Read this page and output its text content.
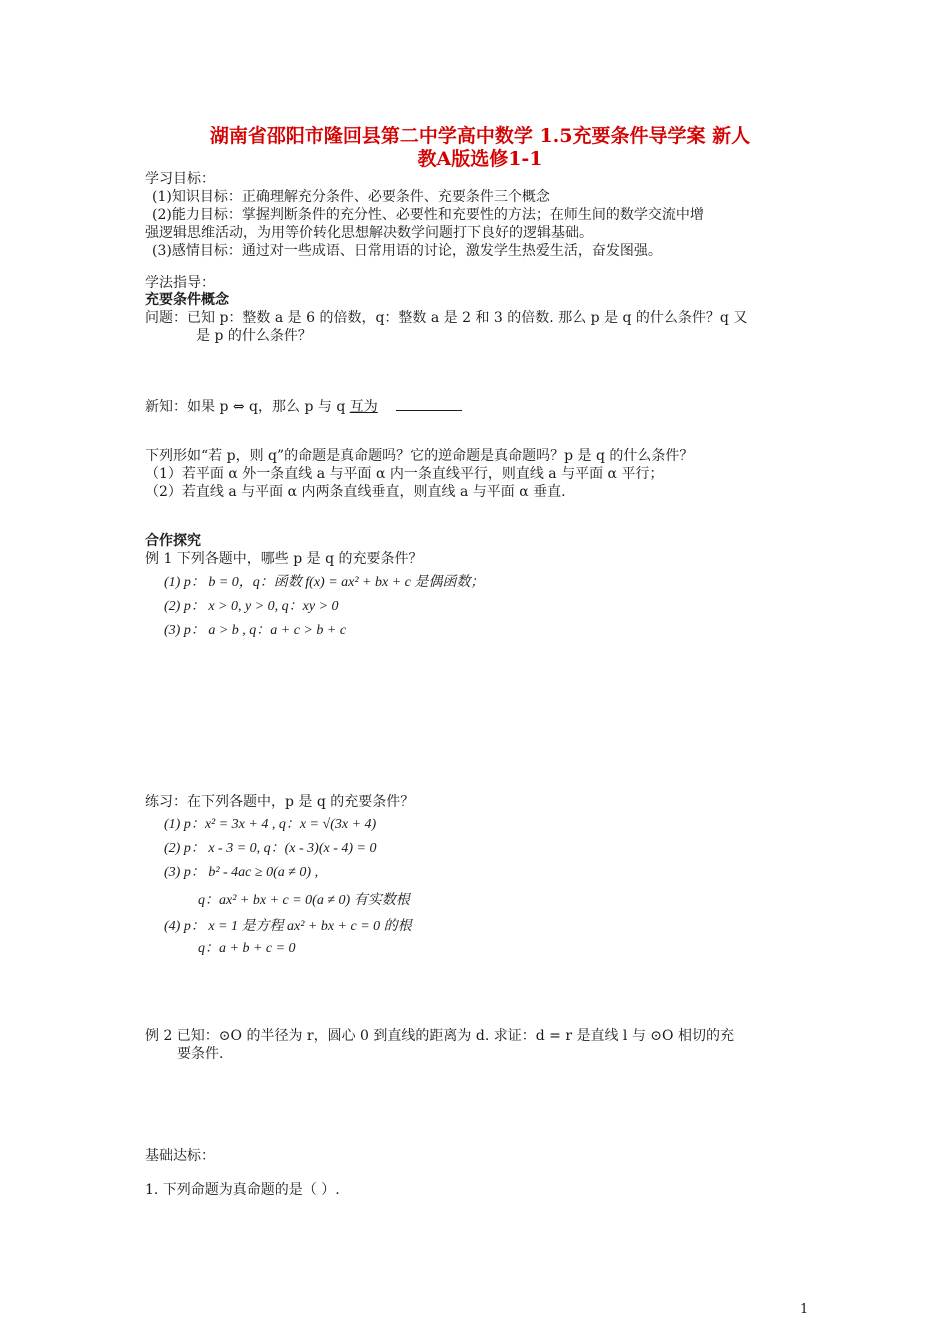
湖南省邵阳市隆回县第二中学高中数学 1.5充要条件导学案 新人
教A版选修1-1
学习目标：
(1)知识目标：正确理解充分条件、必要条件、充要条件三个概念
(2)能力目标：掌握判断条件的充分性、必要性和充要性的方法；在师生间的数学交流中增
强逻辑思维活动，为用等价转化思想解决数学问题打下良好的逻辑基础。
(3)感情目标：通过对一些成语、日常用语的讨论，激发学生热爱生活，奋发图强。
学法指导：
充要条件概念
问题：已知 p：整数 a 是 6 的倍数，q：整数 a 是 2 和 3 的倍数. 那么 p 是 q 的什么条件？q 又
是 p 的什么条件？
新知：如果 p ⇔ q，那么 p 与 q 互为
下列形如“若 p，则 q”的命题是真命题吗？它的逆命题是真命题吗？p 是 q 的什么条件？
（1）若平面 α 外一条直线 a 与平面 α 内一条直线平行，则直线 a 与平面 α 平行；
（2）若直线 a 与平面 α 内两条直线垂直，则直线 a 与平面 α 垂直.
合作探究
例 1 下列各题中，哪些 p 是 q 的充要条件？
(1) p： b = 0，q：函数 f(x) = ax² + bx + c 是偶函数；
(2) p： x > 0, y > 0, q：xy > 0
(3) p： a > b , q：a + c > b + c
练习：在下列各题中，p 是 q 的充要条件？
(1) p：x² = 3x + 4 , q：x = √(3x + 4)
(2) p： x - 3 = 0, q：(x - 3)(x - 4) = 0
(3) p： b² - 4ac ≥ 0(a ≠ 0) ,
q：ax² + bx + c = 0(a ≠ 0) 有实数根
(4) p： x = 1 是方程 ax² + bx + c = 0 的根
q：a + b + c = 0
例 2 已知：⊙O 的半径为 r，圆心 0 到直线的距离为 d. 求证：d = r 是直线 l 与 ⊙O 相切的充
要条件.
基础达标：
1. 下列命题为真命题的是（ ）.
1
